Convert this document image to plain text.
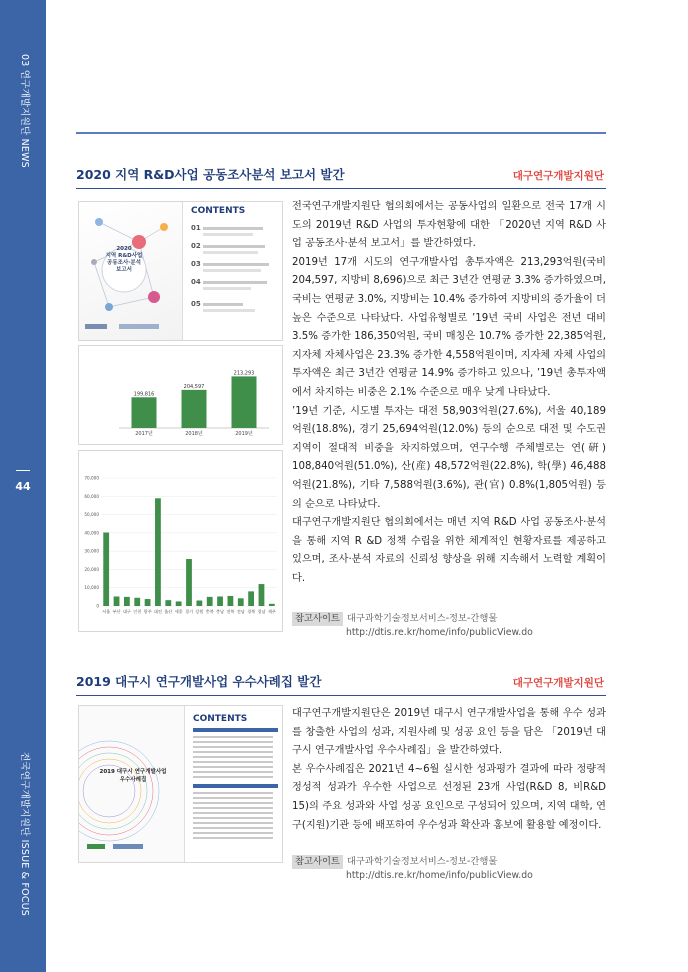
03 연구개발지원단 NEWS
44
전국연구개발지원단 ISSUE & FOCUS
2020 지역 R&D사업 공동조사분석 보고서 발간	대구연구개발지원단
2020
지역 R&D사업
공동조사·분석
보고서
CONTENTS
01
02
03
04
05
199,816
2017년
204,597
2018년
213,293
2019년
70,000
60,000
50,000
40,000
30,000
20,000
10,000
0
서울 부산 대구 인천 광주 대전 울산 세종 경기 강원 충북 충남 전북 전남 경북 경남 제주

전국연구개발지원단 협의회에서는 공동사업의 일환으로 전국 17개 시도의 2019년 R&D 사업의 투자현황에 대한 「2020년 지역 R&D 사업 공동조사·분석 보고서」를 발간하였다.

2019년 17개 시도의 연구개발사업 총투자액은 213,293억원(국비 204,597, 지방비 8,696)으로 최근 3년간 연평균 3.3% 증가하였으며, 국비는 연평균 3.0%, 지방비는 10.4% 증가하여 지방비의 증가율이 더 높은 수준으로 나타났다. 사업유형별로 ’19년 국비 사업은 전년 대비 3.5% 증가한 186,350억원, 국비 매칭은 10.7% 증가한 22,385억원, 지자체 자체사업은 23.3% 증가한 4,558억원이며, 지자체 자체 사업의 투자액은 최근 3년간 연평균 14.9% 증가하고 있으나, ’19년 총투자액에서 차지하는 비중은 2.1% 수준으로 매우 낮게 나타났다.

’19년 기준, 시도별 투자는 대전 58,903억원(27.6%), 서울 40,189억원(18.8%), 경기 25,694억원(12.0%) 등의 순으로 대전 및 수도권 지역이 절대적 비중을 차지하였으며, 연구수행 주체별로는 연(硏) 108,840억원(51.0%), 산(産) 48,572억원(22.8%), 학(學) 46,488억원(21.8%), 기타 7,588억원(3.6%), 관(官) 0.8%(1,805억원) 등의 순으로 나타났다.

대구연구개발지원단 협의회에서는 매년 지역 R&D 사업 공동조사·분석을 통해 지역 R &D 정책 수립을 위한 체계적인 현황자료를 제공하고 있으며, 조사·분석 자료의 신뢰성 향상을 위해 지속해서 노력할 계획이다.

참고사이트 대구과학기술정보서비스-정보-간행물
http://dtis.re.kr/home/info/publicView.do
2019 대구시 연구개발사업 우수사례집 발간	대구연구개발지원단
2019 대구시 연구개발사업
우수사례집
CONTENTS	대구연구개발지원단은 2019년 대구시 연구개발사업을 통해 우수 성과를 창출한 사업의 성과, 지원사례 및 성공 요인 등을 담은 「2019년 대구시 연구개발사업 우수사례집」을 발간하였다.

본 우수사례집은 2021년 4~6월 실시한 성과평가 결과에 따라 정량적 정성적 성과가 우수한 사업으로 선정된 23개 사업(R&D 8, 비R&D 15)의 주요 성과와 사업 성공 요인으로 구성되어 있으며, 지역 대학, 연구(지원)기관 등에 배포하여 우수성과 확산과 홍보에 활용할 예정이다.

참고사이트 대구과학기술정보서비스-정보-간행물
http://dtis.re.kr/home/info/publicView.do
